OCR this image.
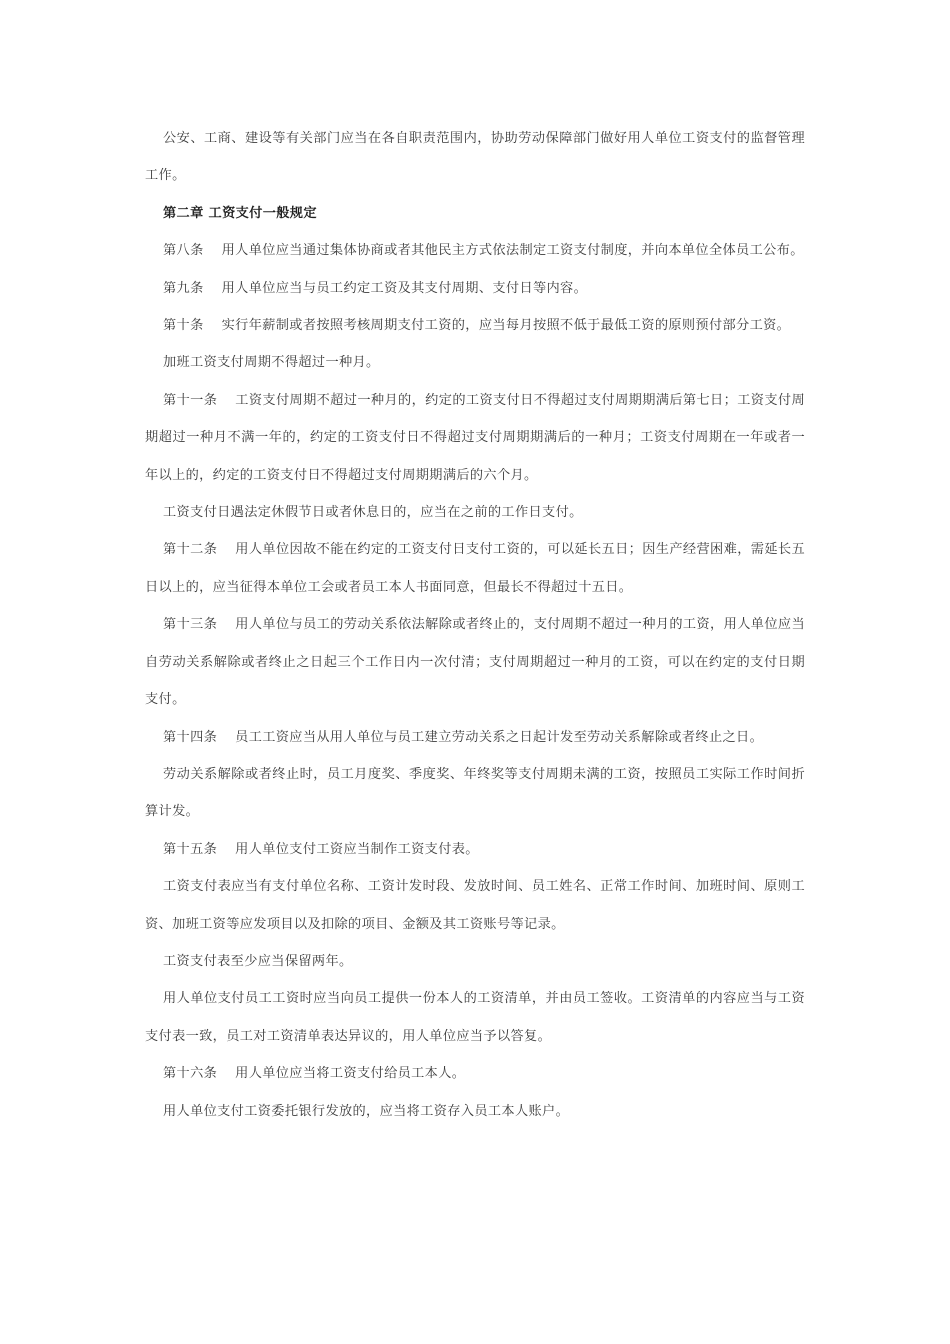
公安、工商、建设等有关部门应当在各自职责范围内，协助劳动保障部门做好用人单位工资支付的监督管理工作。

第二章 工资支付一般规定

第八条 用人单位应当通过集体协商或者其他民主方式依法制定工资支付制度，并向本单位全体员工公布。

第九条 用人单位应当与员工约定工资及其支付周期、支付日等内容。

第十条 实行年薪制或者按照考核周期支付工资的，应当每月按照不低于最低工资的原则预付部分工资。

加班工资支付周期不得超过一种月。

第十一条 工资支付周期不超过一种月的，约定的工资支付日不得超过支付周期期满后第七日；工资支付周期超过一种月不满一年的，约定的工资支付日不得超过支付周期期满后的一种月；工资支付周期在一年或者一年以上的，约定的工资支付日不得超过支付周期期满后的六个月。

工资支付日遇法定休假节日或者休息日的，应当在之前的工作日支付。

第十二条 用人单位因故不能在约定的工资支付日支付工资的，可以延长五日；因生产经营困难，需延长五日以上的，应当征得本单位工会或者员工本人书面同意，但最长不得超过十五日。

第十三条 用人单位与员工的劳动关系依法解除或者终止的，支付周期不超过一种月的工资，用人单位应当自劳动关系解除或者终止之日起三个工作日内一次付清；支付周期超过一种月的工资，可以在约定的支付日期支付。

第十四条 员工工资应当从用人单位与员工建立劳动关系之日起计发至劳动关系解除或者终止之日。

劳动关系解除或者终止时，员工月度奖、季度奖、年终奖等支付周期未满的工资，按照员工实际工作时间折算计发。

第十五条 用人单位支付工资应当制作工资支付表。

工资支付表应当有支付单位名称、工资计发时段、发放时间、员工姓名、正常工作时间、加班时间、原则工资、加班工资等应发项目以及扣除的项目、金额及其工资账号等记录。

工资支付表至少应当保留两年。

用人单位支付员工工资时应当向员工提供一份本人的工资清单，并由员工签收。工资清单的内容应当与工资支付表一致，员工对工资清单表达异议的，用人单位应当予以答复。

第十六条 用人单位应当将工资支付给员工本人。

用人单位支付工资委托银行发放的，应当将工资存入员工本人账户。
